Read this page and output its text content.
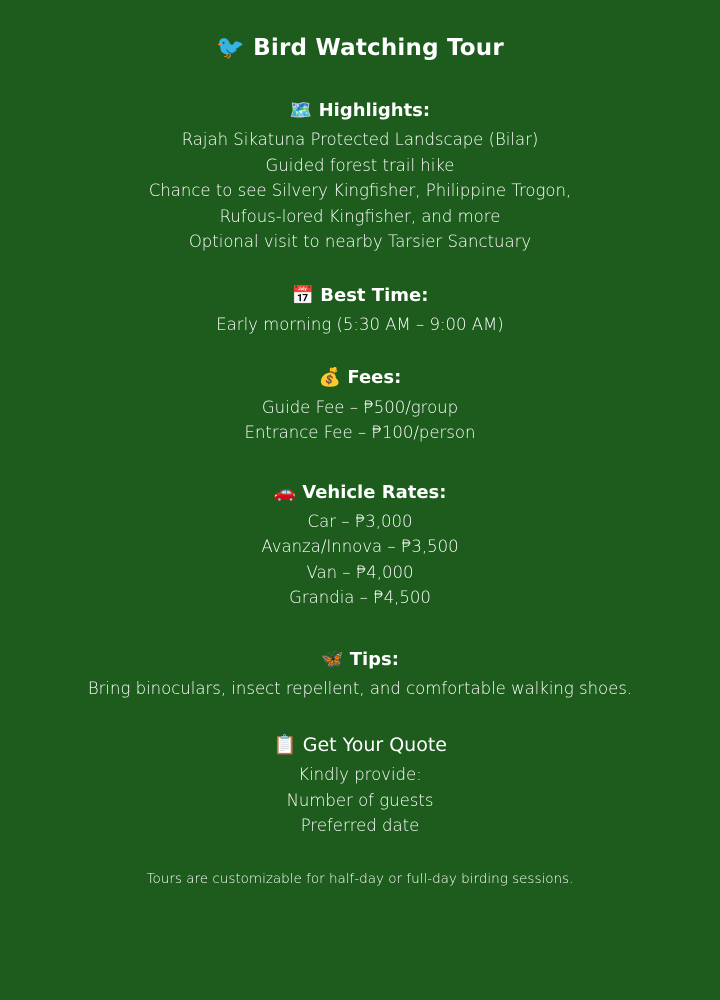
🐦 Bird Watching Tour
🗺️ Highlights:
Rajah Sikatuna Protected Landscape (Bilar)
Guided forest trail hike
Chance to see Silvery Kingfisher, Philippine Trogon,
Rufous-lored Kingfisher, and more
Optional visit to nearby Tarsier Sanctuary
📅 Best Time:
Early morning (5:30 AM – 9:00 AM)
💰 Fees:
Guide Fee – ₱500/group
Entrance Fee – ₱100/person
🚗 Vehicle Rates:
Car – ₱3,000
Avanza/Innova – ₱3,500
Van – ₱4,000
Grandia – ₱4,500
🦋 Tips:
Bring binoculars, insect repellent, and comfortable walking shoes.
📋 Get Your Quote
Kindly provide:
Number of guests
Preferred date
Tours are customizable for half-day or full-day birding sessions.
